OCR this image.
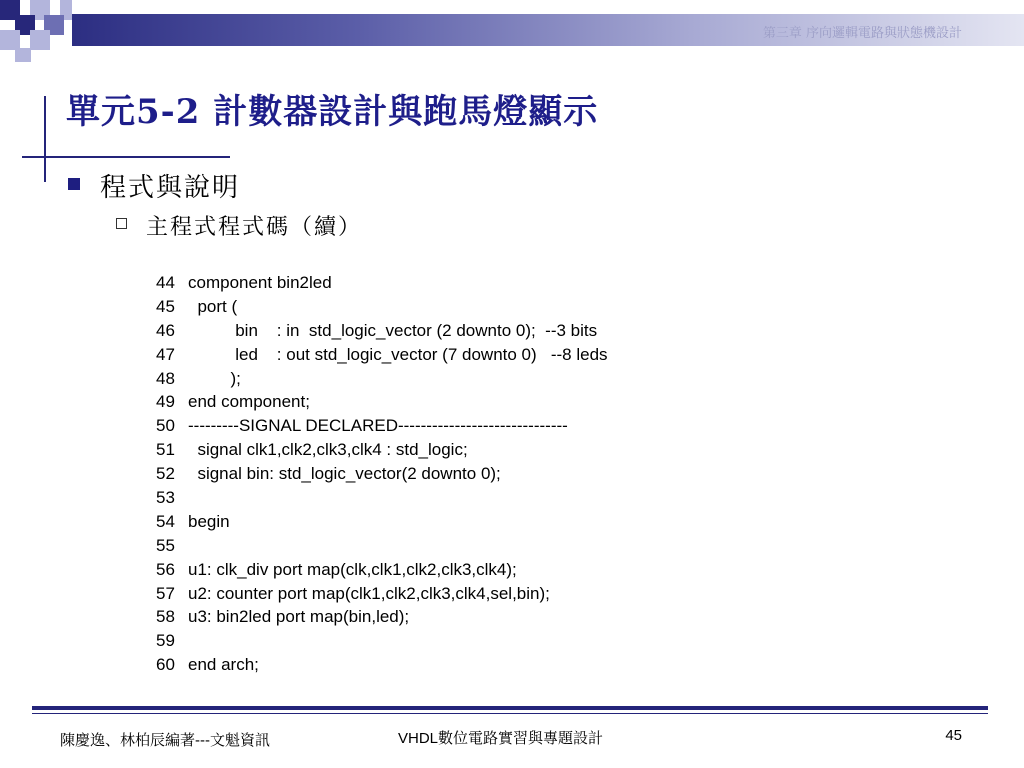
第三章 序向邏輯電路與狀態機設計
單元5-2 計數器設計與跑馬燈顯示
程式與說明
主程式程式碼（續）
44 component bin2led
45  port (
46          bin    : in  std_logic_vector (2 downto 0);  --3 bits
47          led    : out std_logic_vector (7 downto 0)   --8 leds
48         );
49 end component;
50 ---------SIGNAL DECLARED------------------------------
51  signal clk1,clk2,clk3,clk4 : std_logic;
52  signal bin: std_logic_vector(2 downto 0);
53
54 begin
55
56 u1: clk_div port map(clk,clk1,clk2,clk3,clk4);
57 u2: counter port map(clk1,clk2,clk3,clk4,sel,bin);
58 u3: bin2led port map(bin,led);
59
60 end arch;
陳慶逸、林柏辰編著---文魁資訊	VHDL數位電路實習與專題設計	45
